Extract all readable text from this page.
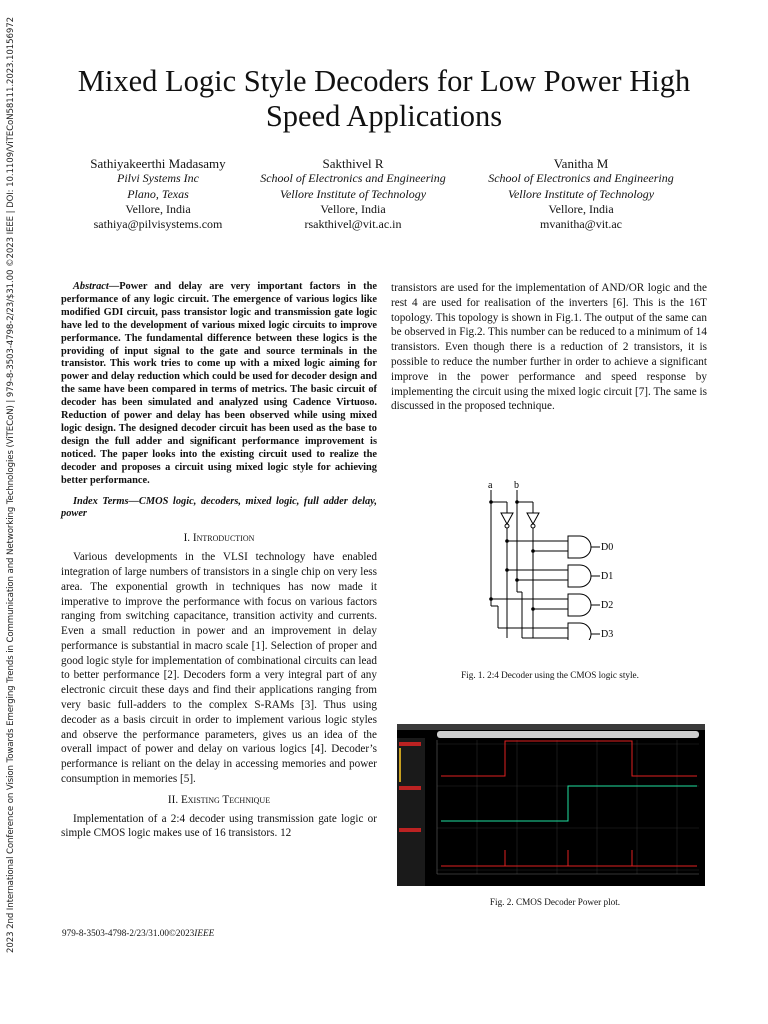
2023 2nd International Conference on Vision Towards Emerging Trends in Communication and Networking Technologies (ViTECoN) | 979-8-3503-4798-2/23/$31.00 ©2023 IEEE | DOI: 10.1109/ViTECoN58111.2023.10156972	Mixed Logic Style Decoders for Low Power High Speed Applications
Sathiyakeerthi Madasamy
Pilvi Systems Inc
Plano, Texas
Vellore, India
sathiya@pilvisystems.com
Sakthivel R
School of Electronics and Engineering
Vellore Institute of Technology
Vellore, India
rsakthivel@vit.ac.in
Vanitha M
School of Electronics and Engineering
Vellore Institute of Technology
Vellore, India
mvanitha@vit.ac

Abstract—Power and delay are very important factors in the performance of any logic circuit. The emergence of various logics like modified GDI circuit, pass transistor logic and transmission gate logic have led to the development of various mixed logic circuits to improve performance. The fundamental difference between these logics is the providing of input signal to the gate and source terminals in the transistor. This work tries to come up with a mixed logic aiming for power and delay reduction which could be used for decoder design and the same have been compared in terms of metrics. The basic circuit of decoder has been simulated and analyzed using Cadence Virtuoso. Reduction of power and delay has been observed while using mixed logic design. The designed decoder circuit has been used as the base to design the full adder and significant performance improvement is noticed. The paper looks into the existing circuit used to realize the decoder and proposes a circuit using mixed logic style for achieving better performance.

Index Terms—CMOS logic, decoders, mixed logic, full adder delay, power

I. Introduction

Various developments in the VLSI technology have enabled integration of large numbers of transistors in a single chip on very less area. The exponential growth in techniques has now made it imperative to improve the performance with focus on various factors ranging from switching capacitance, transition activity and currents. Even a small reduction in power and an improvement in delay performance is substantial in macro scale [1]. Selection of proper and good logic style for implementation of combinational circuits can lead to better performance [2]. Decoders form a very integral part of any electronic circuit these days and find their applications ranging from very basic full-adders to the complex S-RAMs [3]. Thus using decoder as a basis circuit in order to implement various logic styles and observe the performance parameters, gives us an idea of the overall impact of power and delay on various logics [4]. Decoder’s performance is reliant on the delay in accessing memories and power consumption in memories [5].

II. Existing Technique

Implementation of a 2:4 decoder using transmission gate logic or simple CMOS logic makes use of 16 transistors. 12

transistors are used for the implementation of AND/OR logic and the rest 4 are used for realisation of the inverters [6]. This is the 16T topology. This topology is shown in Fig.1. The output of the same can be observed in Fig.2. This number can be reduced to a minimum of 14 transistors. Even though there is a reduction of 2 transistors, it is possible to reduce the number further in order to achieve a significant improve in the power performance and speed response by implementing the circuit using the mixed logic circuit [7]. The same is discussed in the proposed technique.

a b
D0
D1
D2
D3
Fig. 1. 2:4 Decoder using the CMOS logic style.
Fig. 2. CMOS Decoder Power plot.
979-8-3503-4798-2/23/31.00©2023IEEE
